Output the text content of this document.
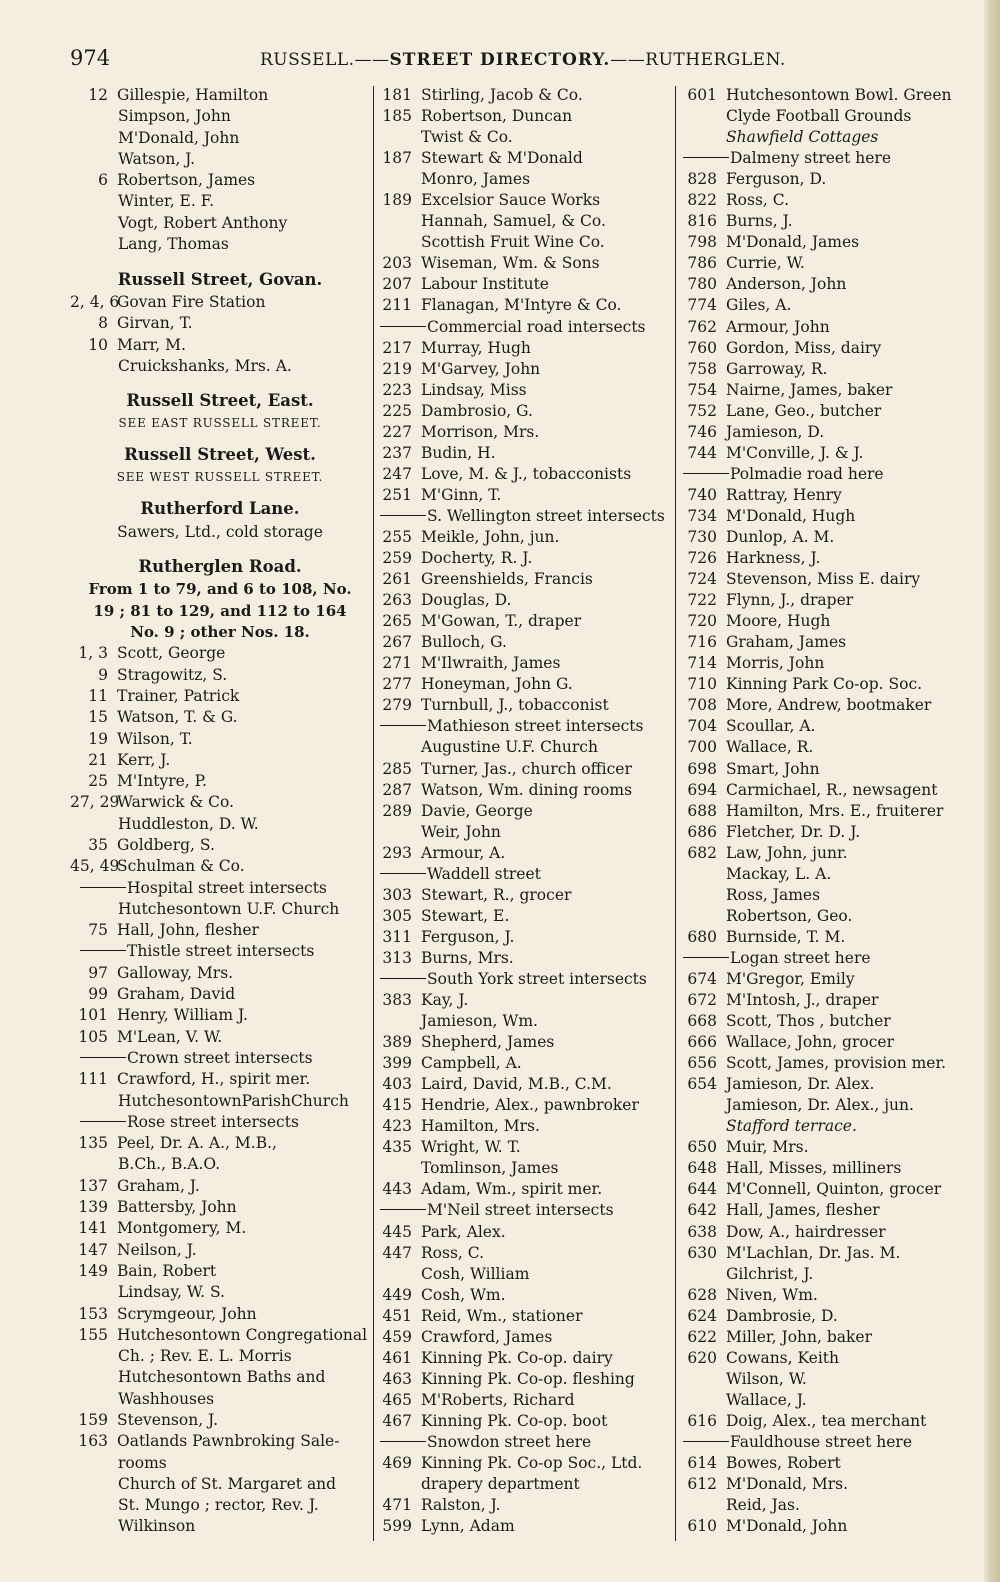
974	RUSSELL.——STREET DIRECTORY.——RUTHERGLEN.
12 Gillespie, Hamilton
Simpson, John
M'Donald, John
Watson, J.
6 Robertson, James
Winter, E. F.
Vogt, Robert Anthony
Lang, Thomas
Russell Street, Govan.
2, 4, 6
Govan Fire Station
8 Girvan, T.
10 Marr, M.
Cruickshanks, Mrs. A.
Russell Street, East.
SEE EAST RUSSELL STREET.
Russell Street, West.
SEE WEST RUSSELL STREET.
Rutherford Lane.
Sawers, Ltd., cold storage
Rutherglen Road.
From 1 to 79, and 6 to 108, No.
19 ; 81 to 129, and 112 to 164
No. 9 ; other Nos. 18.
1, 3 Scott, George
9 Stragowitz, S.
11 Trainer, Patrick
15 Watson, T. & G.
19 Wilson, T.
21 Kerr, J.
25 M'Intyre, P.
27, 29
Warwick & Co.
Huddleston, D. W.
35 Goldberg, S.
45, 49
Schulman & Co.
Hospital street intersects
Hutchesontown U.F. Church
75 Hall, John, flesher
Thistle street intersects
97 Galloway, Mrs.
99 Graham, David
101 Henry, William J.
105 M'Lean, V. W.
Crown street intersects
111 Crawford, H., spirit mer.
HutchesontownParishChurch
Rose street intersects
135 Peel, Dr. A. A., M.B.,
B.Ch., B.A.O.
137 Graham, J.
139 Battersby, John
141 Montgomery, M.
147 Neilson, J.
149 Bain, Robert
Lindsay, W. S.
153 Scrymgeour, John
155 Hutchesontown Congregational
Ch. ; Rev. E. L. Morris
Hutchesontown Baths and
Washhouses
159 Stevenson, J.
163 Oatlands Pawnbroking Sale-
rooms
Church of St. Margaret and
St. Mungo ; rector, Rev. J.
Wilkinson
181 Stirling, Jacob & Co.
185 Robertson, Duncan
Twist & Co.
187 Stewart & M'Donald
Monro, James
189 Excelsior Sauce Works
Hannah, Samuel, & Co.
Scottish Fruit Wine Co.
203 Wiseman, Wm. & Sons
207 Labour Institute
211 Flanagan, M'Intyre & Co.
Commercial road intersects
217 Murray, Hugh
219 M'Garvey, John
223 Lindsay, Miss
225 Dambrosio, G.
227 Morrison, Mrs.
237 Budin, H.
247 Love, M. & J., tobacconists
251 M'Ginn, T.
S. Wellington street intersects
255 Meikle, John, jun.
259 Docherty, R. J.
261 Greenshields, Francis
263 Douglas, D.
265 M'Gowan, T., draper
267 Bulloch, G.
271 M'Ilwraith, James
277 Honeyman, John G.
279 Turnbull, J., tobacconist
Mathieson street intersects
Augustine U.F. Church
285 Turner, Jas., church officer
287 Watson, Wm. dining rooms
289 Davie, George
Weir, John
293 Armour, A.
Waddell street
303 Stewart, R., grocer
305 Stewart, E.
311 Ferguson, J.
313 Burns, Mrs.
South York street intersects
383 Kay, J.
Jamieson, Wm.
389 Shepherd, James
399 Campbell, A.
403 Laird, David, M.B., C.M.
415 Hendrie, Alex., pawnbroker
423 Hamilton, Mrs.
435 Wright, W. T.
Tomlinson, James
443 Adam, Wm., spirit mer.
M'Neil street intersects
445 Park, Alex.
447 Ross, C.
Cosh, William
449 Cosh, Wm.
451 Reid, Wm., stationer
459 Crawford, James
461 Kinning Pk. Co-op. dairy
463 Kinning Pk. Co-op. fleshing
465 M'Roberts, Richard
467 Kinning Pk. Co-op. boot
Snowdon street here
469 Kinning Pk. Co-op Soc., Ltd.
drapery department
471 Ralston, J.
599 Lynn, Adam
601 Hutchesontown Bowl. Green
Clyde Football Grounds
Shawfield Cottages
Dalmeny street here
828 Ferguson, D.
822 Ross, C.
816 Burns, J.
798 M'Donald, James
786 Currie, W.
780 Anderson, John
774 Giles, A.
762 Armour, John
760 Gordon, Miss, dairy
758 Garroway, R.
754 Nairne, James, baker
752 Lane, Geo., butcher
746 Jamieson, D.
744 M'Conville, J. & J.
Polmadie road here
740 Rattray, Henry
734 M'Donald, Hugh
730 Dunlop, A. M.
726 Harkness, J.
724 Stevenson, Miss E. dairy
722 Flynn, J., draper
720 Moore, Hugh
716 Graham, James
714 Morris, John
710 Kinning Park Co-op. Soc.
708 More, Andrew, bootmaker
704 Scoullar, A.
700 Wallace, R.
698 Smart, John
694 Carmichael, R., newsagent
688 Hamilton, Mrs. E., fruiterer
686 Fletcher, Dr. D. J.
682 Law, John, junr.
Mackay, L. A.
Ross, James
Robertson, Geo.
680 Burnside, T. M.
Logan street here
674 M'Gregor, Emily
672 M'Intosh, J., draper
668 Scott, Thos , butcher
666 Wallace, John, grocer
656 Scott, James, provision mer.
654 Jamieson, Dr. Alex.
Jamieson, Dr. Alex., jun.
Stafford terrace.
650 Muir, Mrs.
648 Hall, Misses, milliners
644 M'Connell, Quinton, grocer
642 Hall, James, flesher
638 Dow, A., hairdresser
630 M'Lachlan, Dr. Jas. M.
Gilchrist, J.
628 Niven, Wm.
624 Dambrosie, D.
622 Miller, John, baker
620 Cowans, Keith
Wilson, W.
Wallace, J.
616 Doig, Alex., tea merchant
Fauldhouse street here
614 Bowes, Robert
612 M'Donald, Mrs.
Reid, Jas.
610 M'Donald, John
